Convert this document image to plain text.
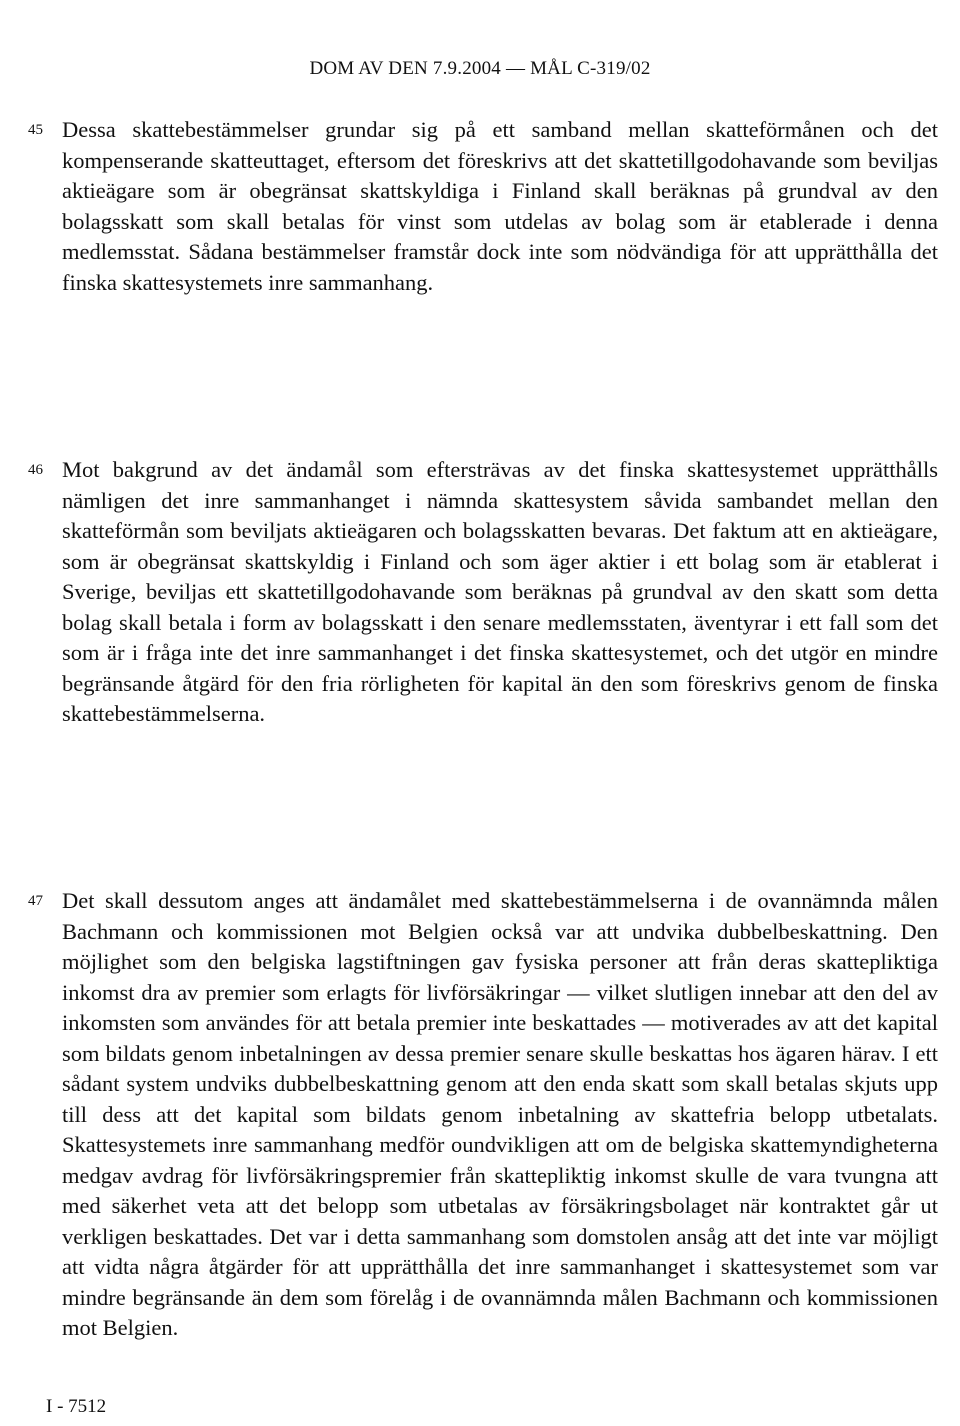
DOM AV DEN 7.9.2004 — MÅL C-319/02
45 Dessa skattebestämmelser grundar sig på ett samband mellan skatteförmånen och det kompenserande skatteuttaget, eftersom det föreskrivs att det skattetillgodohavande som beviljas aktieägare som är obegränsat skattskyldiga i Finland skall beräknas på grundval av den bolagsskatt som skall betalas för vinst som utdelas av bolag som är etablerade i denna medlemsstat. Sådana bestämmelser framstår dock inte som nödvändiga för att upprätthålla det finska skattesystemets inre sammanhang.

46 Mot bakgrund av det ändamål som eftersträvas av det finska skattesystemet upprätthålls nämligen det inre sammanhanget i nämnda skattesystem såvida sambandet mellan den skatteförmån som beviljats aktieägaren och bolagsskatten bevaras. Det faktum att en aktieägare, som är obegränsat skattskyldig i Finland och som äger aktier i ett bolag som är etablerat i Sverige, beviljas ett skattetillgodohavande som beräknas på grundval av den skatt som detta bolag skall betala i form av bolagsskatt i den senare medlemsstaten, äventyrar i ett fall som det som är i fråga inte det inre sammanhanget i det finska skattesystemet, och det utgör en mindre begränsande åtgärd för den fria rörligheten för kapital än den som föreskrivs genom de finska skattebestämmelserna.

47 Det skall dessutom anges att ändamålet med skattebestämmelserna i de ovannämnda målen Bachmann och kommissionen mot Belgien också var att undvika dubbelbeskattning. Den möjlighet som den belgiska lagstiftningen gav fysiska personer att från deras skattepliktiga inkomst dra av premier som erlagts för livförsäkringar — vilket slutligen innebar att den del av inkomsten som användes för att betala premier inte beskattades — motiverades av att det kapital som bildats genom inbetalningen av dessa premier senare skulle beskattas hos ägaren härav. I ett sådant system undviks dubbelbeskattning genom att den enda skatt som skall betalas skjuts upp till dess att det kapital som bildats genom inbetalning av skattefria belopp utbetalats. Skattesystemets inre sammanhang medför oundvikligen att om de belgiska skattemyndigheterna medgav avdrag för livförsäkringspremier från skattepliktig inkomst skulle de vara tvungna att med säkerhet veta att det belopp som utbetalas av försäkringsbolaget när kontraktet går ut verkligen beskattades. Det var i detta sammanhang som domstolen ansåg att det inte var möjligt att vidta några åtgärder för att upprätthålla det inre sammanhanget i skattesystemet som var mindre begränsande än dem som förelåg i de ovannämnda målen Bachmann och kommissionen mot Belgien.

I - 7512
